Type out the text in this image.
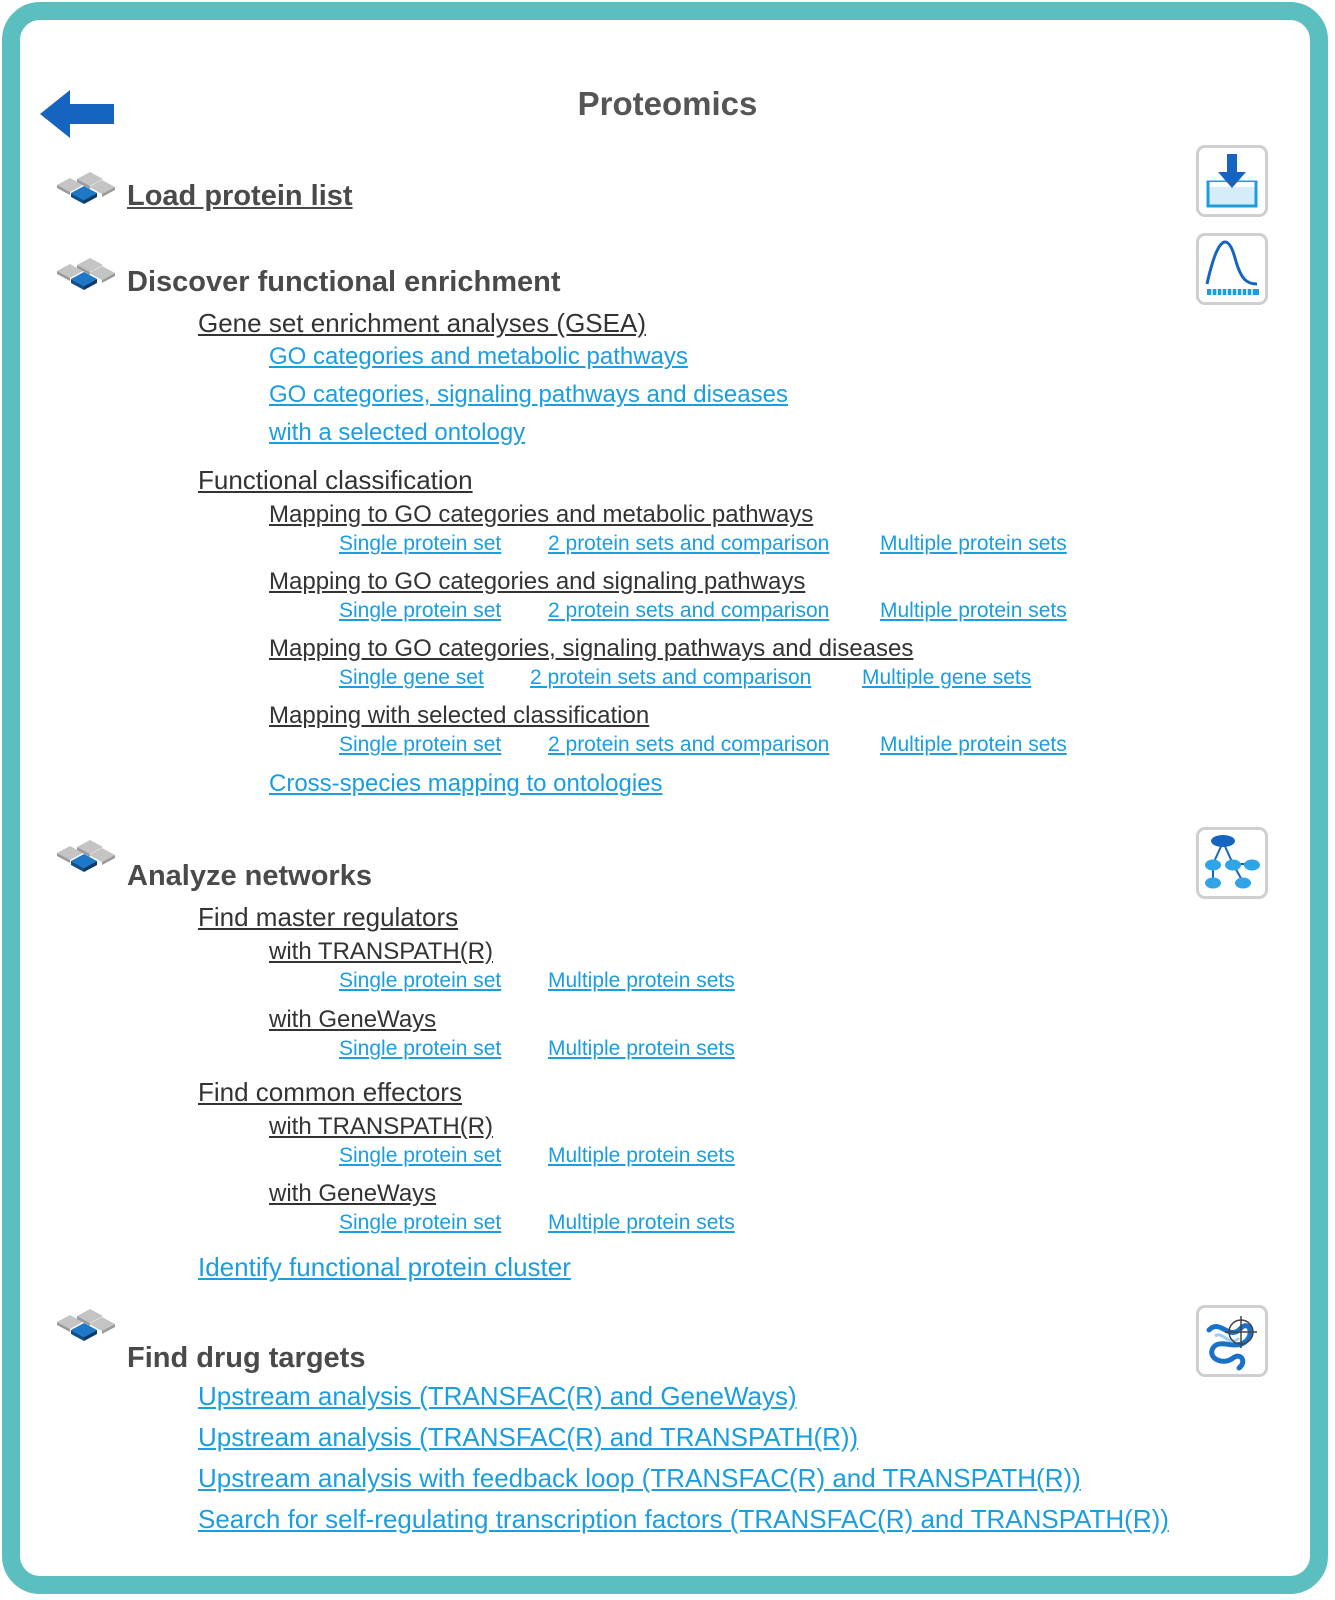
Proteomics
Load protein list
Discover functional enrichment
Gene set enrichment analyses (GSEA)
GO categories and metabolic pathways
GO categories, signaling pathways and diseases
with a selected ontology
Functional classification
Mapping to GO categories and metabolic pathways
Single protein set 2 protein sets and comparison Multiple protein sets
Mapping to GO categories and signaling pathways
Single protein set 2 protein sets and comparison Multiple protein sets
Mapping to GO categories, signaling pathways and diseases
Single gene set 2 protein sets and comparison Multiple gene sets
Mapping with selected classification
Single protein set 2 protein sets and comparison Multiple protein sets
Cross-species mapping to ontologies
Analyze networks
Find master regulators
with TRANSPATH(R)
Single protein set Multiple protein sets
with GeneWays
Single protein set Multiple protein sets
Find common effectors
with TRANSPATH(R)
Single protein set Multiple protein sets
with GeneWays
Single protein set Multiple protein sets
Identify functional protein cluster
Find drug targets
Upstream analysis (TRANSFAC(R) and GeneWays)
Upstream analysis (TRANSFAC(R) and TRANSPATH(R))
Upstream analysis with feedback loop (TRANSFAC(R) and TRANSPATH(R))
Search for self-regulating transcription factors (TRANSFAC(R) and TRANSPATH(R))
